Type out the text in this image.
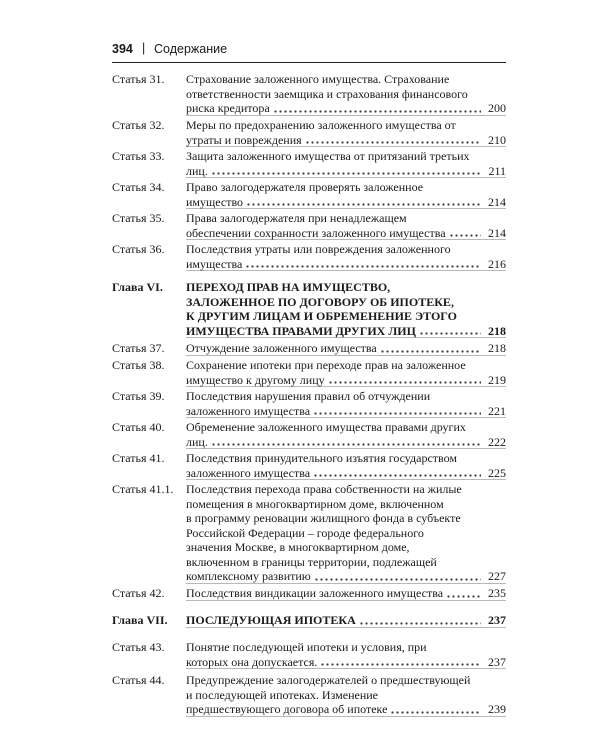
394 | Содержание
Статья 31.	Страхование заложенного имущества. Страхование
ответственности заемщика и страхования финансового
риска кредитора	200
Статья 32.	Меры по предохранению заложенного имущества от
утраты и повреждения	210
Статья 33.	Защита заложенного имущества от притязаний третьих
лиц.	211
Статья 34.	Право залогодержателя проверять заложенное
имущество	214
Статья 35.	Права залогодержателя при ненадлежащем
обеспечении сохранности заложенного имущества	214
Статья 36.	Последствия утраты или повреждения заложенного
имущества	216
Глава VI.	ПЕРЕХОД ПРАВ НА ИМУЩЕСТВО,
ЗАЛОЖЕННОЕ ПО ДОГОВОРУ ОБ ИПОТЕКЕ,
К ДРУГИМ ЛИЦАМ И ОБРЕМЕНЕНИЕ ЭТОГО
ИМУЩЕСТВА ПРАВАМИ ДРУГИХ ЛИЦ	218
Статья 37.	Отчуждение заложенного имущества	218
Статья 38.	Сохранение ипотеки при переходе прав на заложенное
имущество к другому лицу	219
Статья 39.	Последствия нарушения правил об отчуждении
заложенного имущества	221
Статья 40.	Обременение заложенного имущества правами других
лиц.	222
Статья 41.	Последствия принудительного изъятия государством
заложенного имущества	225
Статья 41.1.	Последствия перехода права собственности на жилые
помещения в многоквартирном доме, включенном
в программу реновации жилищного фонда в субъекте
Российской Федерации – городе федерального
значения Москве, в многоквартирном доме,
включенном в границы территории, подлежащей
комплексному развитию	227
Статья 42.	Последствия виндикации заложенного имущества	235
Глава VII.	ПОСЛЕДУЮЩАЯ ИПОТЕКА	237
Статья 43.	Понятие последующей ипотеки и условия, при
которых она допускается.	237
Статья 44.	Предупреждение залогодержателей о предшествующей
и последующей ипотеках. Изменение
предшествующего договора об ипотеке	239
